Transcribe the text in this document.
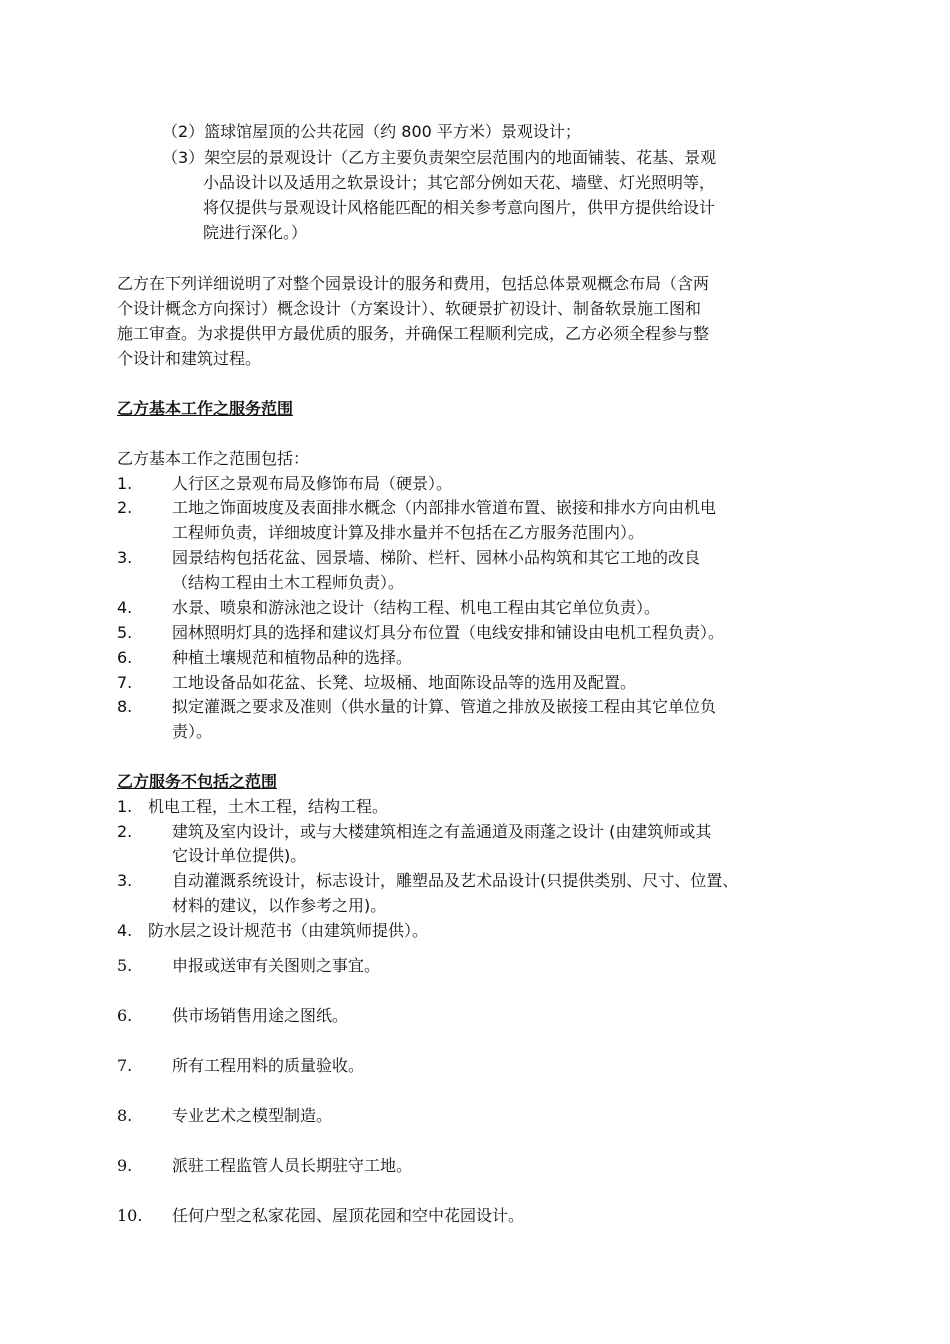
（2）篮球馆屋顶的公共花园（约 800 平方米）景观设计；
（3）架空层的景观设计（乙方主要负责架空层范围内的地面铺装、花基、景观
小品设计以及适用之软景设计；其它部分例如天花、墙壁、灯光照明等，
将仅提供与景观设计风格能匹配的相关参考意向图片，供甲方提供给设计
院进行深化。）
乙方在下列详细说明了对整个园景设计的服务和费用，包括总体景观概念布局（含两
个设计概念方向探讨）概念设计（方案设计）、软硬景扩初设计、制备软景施工图和
施工审查。为求提供甲方最优质的服务，并确保工程顺利完成，乙方必须全程参与整
个设计和建筑过程。
乙方基本工作之服务范围
乙方基本工作之范围包括：
1. 人行区之景观布局及修饰布局（硬景）。
2. 工地之饰面坡度及表面排水概念（内部排水管道布置、嵌接和排水方向由机电
工程师负责，详细坡度计算及排水量并不包括在乙方服务范围内）。
3. 园景结构包括花盆、园景墙、梯阶、栏杆、园林小品构筑和其它工地的改良
（结构工程由土木工程师负责）。
4. 水景、喷泉和游泳池之设计（结构工程、机电工程由其它单位负责）。
5. 园林照明灯具的选择和建议灯具分布位置（电线安排和铺设由电机工程负责）。
6. 种植土壤规范和植物品种的选择。
7. 工地设备品如花盆、长凳、垃圾桶、地面陈设品等的选用及配置。
8. 拟定灌溉之要求及准则（供水量的计算、管道之排放及嵌接工程由其它单位负
责）。
乙方服务不包括之范围
1. 机电工程，土木工程，结构工程。
2. 建筑及室内设计，或与大楼建筑相连之有盖通道及雨蓬之设计 (由建筑师或其
它设计单位提供)。
3. 自动灌溉系统设计，标志设计，雕塑品及艺术品设计(只提供类别、尺寸、位置、
材料的建议，以作参考之用)。
4. 防水层之设计规范书（由建筑师提供）。
5. 申报或送审有关图则之事宜。
6. 供市场销售用途之图纸。
7. 所有工程用料的质量验收。
8. 专业艺术之模型制造。
9. 派驻工程监管人员长期驻守工地。
10. 任何户型之私家花园、屋顶花园和空中花园设计。
